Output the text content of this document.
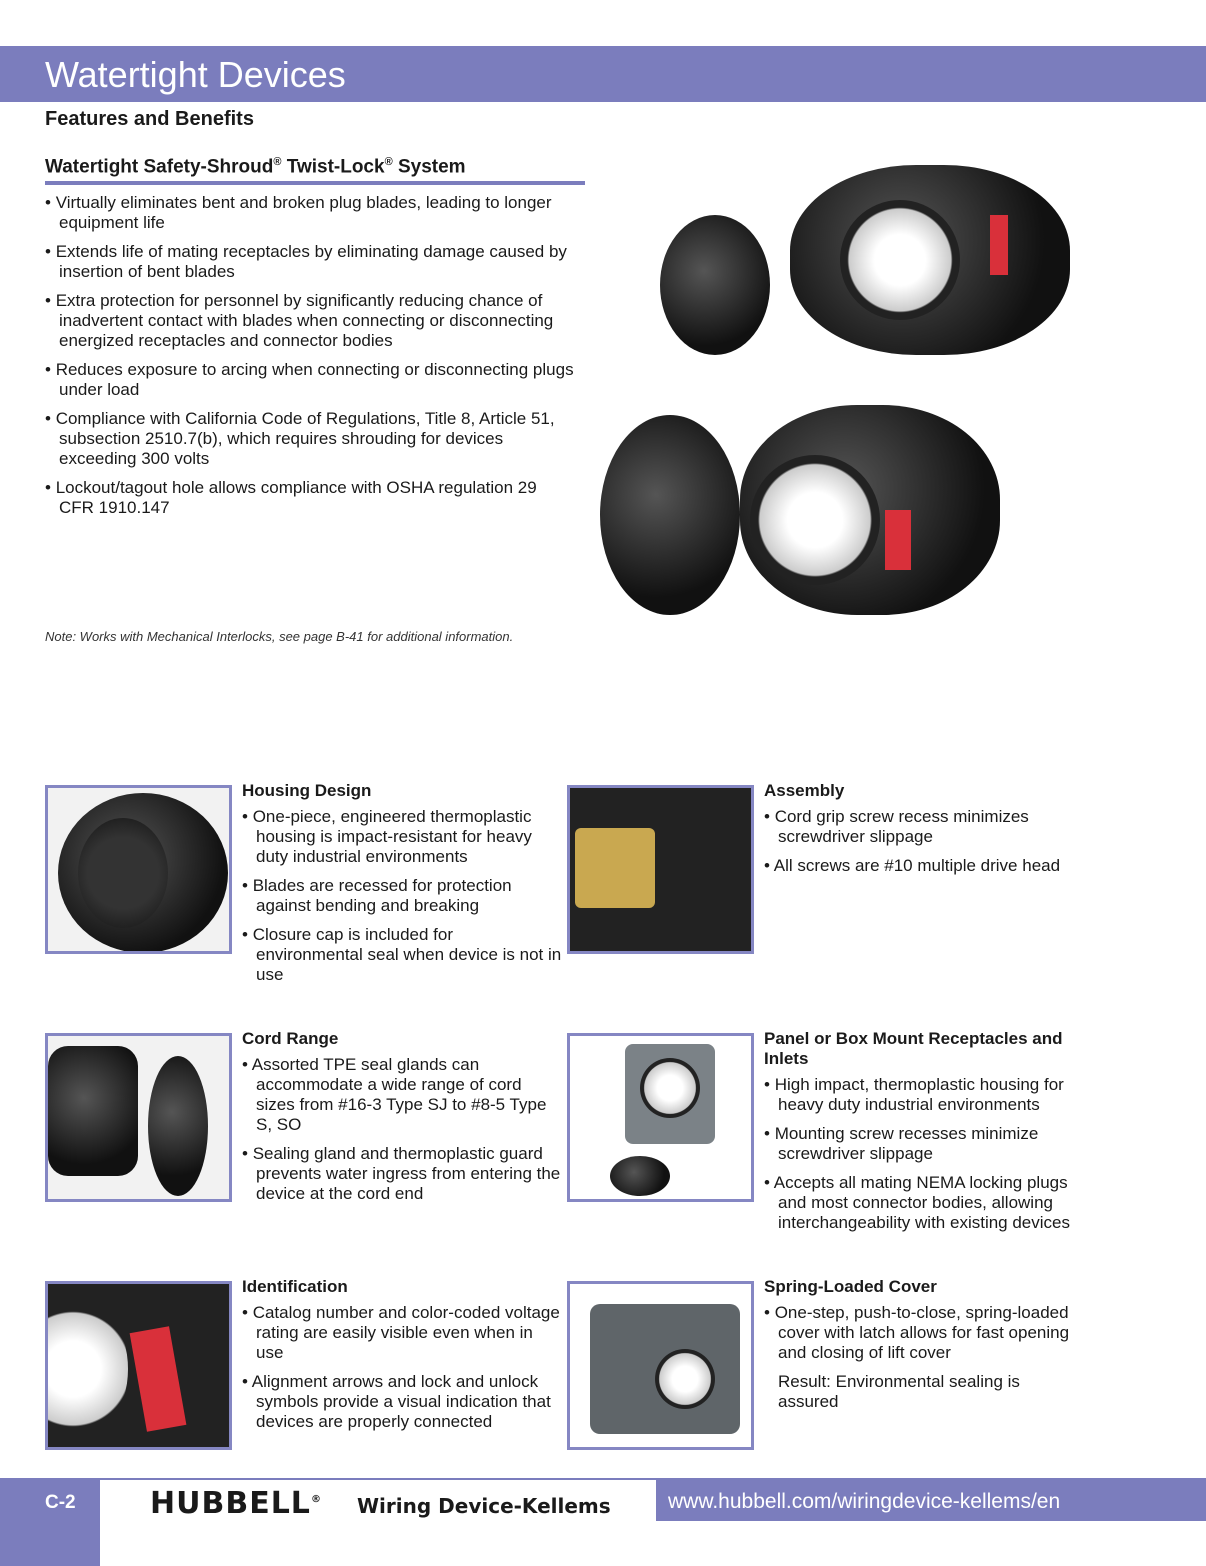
Watertight Devices
Features and Benefits
Watertight Safety-Shroud® Twist-Lock® System
• Virtually eliminates bent and broken plug blades, leading to longer equipment life
• Extends life of mating receptacles by eliminating damage caused by insertion of bent blades
• Extra protection for personnel by significantly reducing chance of inadvertent contact with blades when connecting or disconnecting energized receptacles and connector bodies
• Reduces exposure to arcing when connecting or disconnecting plugs under load
• Compliance with California Code of Regulations, Title 8, Article 51, subsection 2510.7(b), which requires shrouding for devices exceeding 300 volts
• Lockout/tagout hole allows compliance with OSHA regulation 29 CFR 1910.147
Note: Works with Mechanical Interlocks, see page B-41 for additional information.
Housing Design
• One-piece, engineered thermoplastic housing is impact-resistant for heavy duty industrial environments
• Blades are recessed for protection against bending and breaking
• Closure cap is included for environmental seal when device is not in use
Assembly
• Cord grip screw recess minimizes screwdriver slippage
• All screws are #10 multiple drive head
Cord Range
• Assorted TPE seal glands can accommodate a wide range of cord sizes from #16-3 Type SJ to #8-5 Type S, SO
• Sealing gland and thermoplastic guard prevents water ingress from entering the device at the cord end
Panel or Box Mount Receptacles and Inlets
• High impact, thermoplastic housing for heavy duty industrial environments
• Mounting screw recesses minimize screwdriver slippage
• Accepts all mating NEMA locking plugs and most connector bodies, allowing interchangeability with existing devices
Identification
• Catalog number and color-coded voltage rating are easily visible even when in use
• Alignment arrows and lock and unlock symbols provide a visual indication that devices are properly connected
Spring-Loaded Cover
• One-step, push-to-close, spring-loaded cover with latch allows for fast opening and closing of lift cover

Result: Environmental sealing is assured

C-2 HUBBELL® Wiring Device-Kellems	www.hubbell.com/wiringdevice-kellems/en
